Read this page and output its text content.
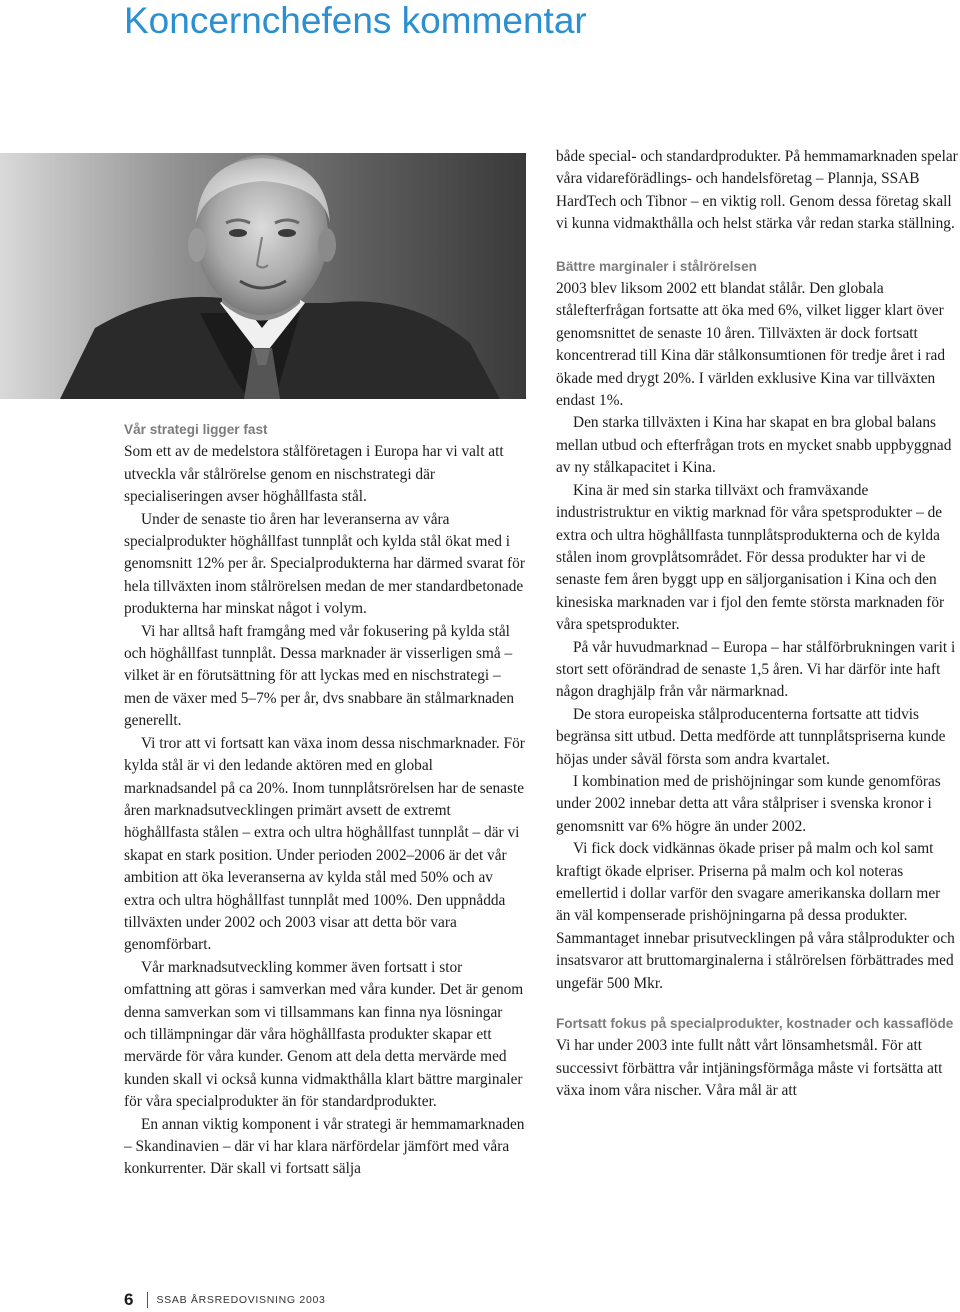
Koncernchefens kommentar
Vår strategi ligger fast

Som ett av de medelstora stålföretagen i Europa har vi valt att utveckla vår stålrörelse genom en nischstrategi där specialiseringen avser höghållfasta stål.

Under de senaste tio åren har leveranserna av våra specialprodukter höghållfast tunnplåt och kylda stål ökat med i genomsnitt 12% per år. Specialprodukterna har därmed svarat för hela tillväxten inom stålrörelsen medan de mer standardbetonade produkterna har minskat något i volym.

Vi har alltså haft framgång med vår fokusering på kylda stål och höghållfast tunnplåt. Dessa marknader är visserligen små – vilket är en förutsättning för att lyckas med en nischstrategi – men de växer med 5–7% per år, dvs snabbare än stålmarknaden generellt.

Vi tror att vi fortsatt kan växa inom dessa nischmarknader. För kylda stål är vi den ledande aktören med en global marknadsandel på ca 20%. Inom tunnplåtsrörelsen har de senaste åren marknadsutvecklingen primärt avsett de extremt höghållfasta stålen – extra och ultra höghållfast tunnplåt – där vi skapat en stark position. Under perioden 2002–2006 är det vår ambition att öka leveranserna av kylda stål med 50% och av extra och ultra höghållfast tunnplåt med 100%. Den uppnådda tillväxten under 2002 och 2003 visar att detta bör vara genomförbart.

Vår marknadsutveckling kommer även fortsatt i stor omfattning att göras i samverkan med våra kunder. Det är genom denna samverkan som vi tillsammans kan finna nya lösningar och tillämpningar där våra höghållfasta produkter skapar ett mervärde för våra kunder. Genom att dela detta mervärde med kunden skall vi också kunna vidmakthålla klart bättre marginaler för våra specialprodukter än för standardprodukter.

En annan viktig komponent i vår strategi är hemmamarknaden – Skandinavien – där vi har klara närfördelar jämfört med våra konkurrenter. Där skall vi fortsatt sälja

både special- och standardprodukter. På hemmamarknaden spelar våra vidareförädlings- och handelsföretag – Plannja, SSAB HardTech och Tibnor – en viktig roll. Genom dessa företag skall vi kunna vidmakthålla och helst stärka vår redan starka ställning.

Bättre marginaler i stålrörelsen

2003 blev liksom 2002 ett blandat stålår. Den globala stålefterfrågan fortsatte att öka med 6%, vilket ligger klart över genomsnittet de senaste 10 åren. Tillväxten är dock fortsatt koncentrerad till Kina där stålkonsumtionen för tredje året i rad ökade med drygt 20%. I världen exklusive Kina var tillväxten endast 1%.

Den starka tillväxten i Kina har skapat en bra global balans mellan utbud och efterfrågan trots en mycket snabb uppbyggnad av ny stålkapacitet i Kina.

Kina är med sin starka tillväxt och framväxande industristruktur en viktig marknad för våra spetsprodukter – de extra och ultra höghållfasta tunnplåtsprodukterna och de kylda stålen inom grovplåtsområdet. För dessa produkter har vi de senaste fem åren byggt upp en säljorganisation i Kina och den kinesiska marknaden var i fjol den femte största marknaden för våra spetsprodukter.

På vår huvudmarknad – Europa – har stålförbrukningen varit i stort sett oförändrad de senaste 1,5 åren. Vi har därför inte haft någon draghjälp från vår närmarknad.

De stora europeiska stålproducenterna fortsatte att tidvis begränsa sitt utbud. Detta medförde att tunnplåtspriserna kunde höjas under såväl första som andra kvartalet.

I kombination med de prishöjningar som kunde genomföras under 2002 innebar detta att våra stålpriser i svenska kronor i genomsnitt var 6% högre än under 2002.

Vi fick dock vidkännas ökade priser på malm och kol samt kraftigt ökade elpriser. Priserna på malm och kol noteras emellertid i dollar varför den svagare amerikanska dollarn mer än väl kompenserade prishöjningarna på dessa produkter. Sammantaget innebar prisutvecklingen på våra stålprodukter och insatsvaror att bruttomarginalerna i stålrörelsen förbättrades med ungefär 500 Mkr.

Fortsatt fokus på specialprodukter, kostnader och kassaflöde

Vi har under 2003 inte fullt nått vårt lönsamhetsmål. För att successivt förbättra vår intjäningsförmåga måste vi fortsätta att växa inom våra nischer. Våra mål är att

6 SSAB ÅRSREDOVISNING 2003
